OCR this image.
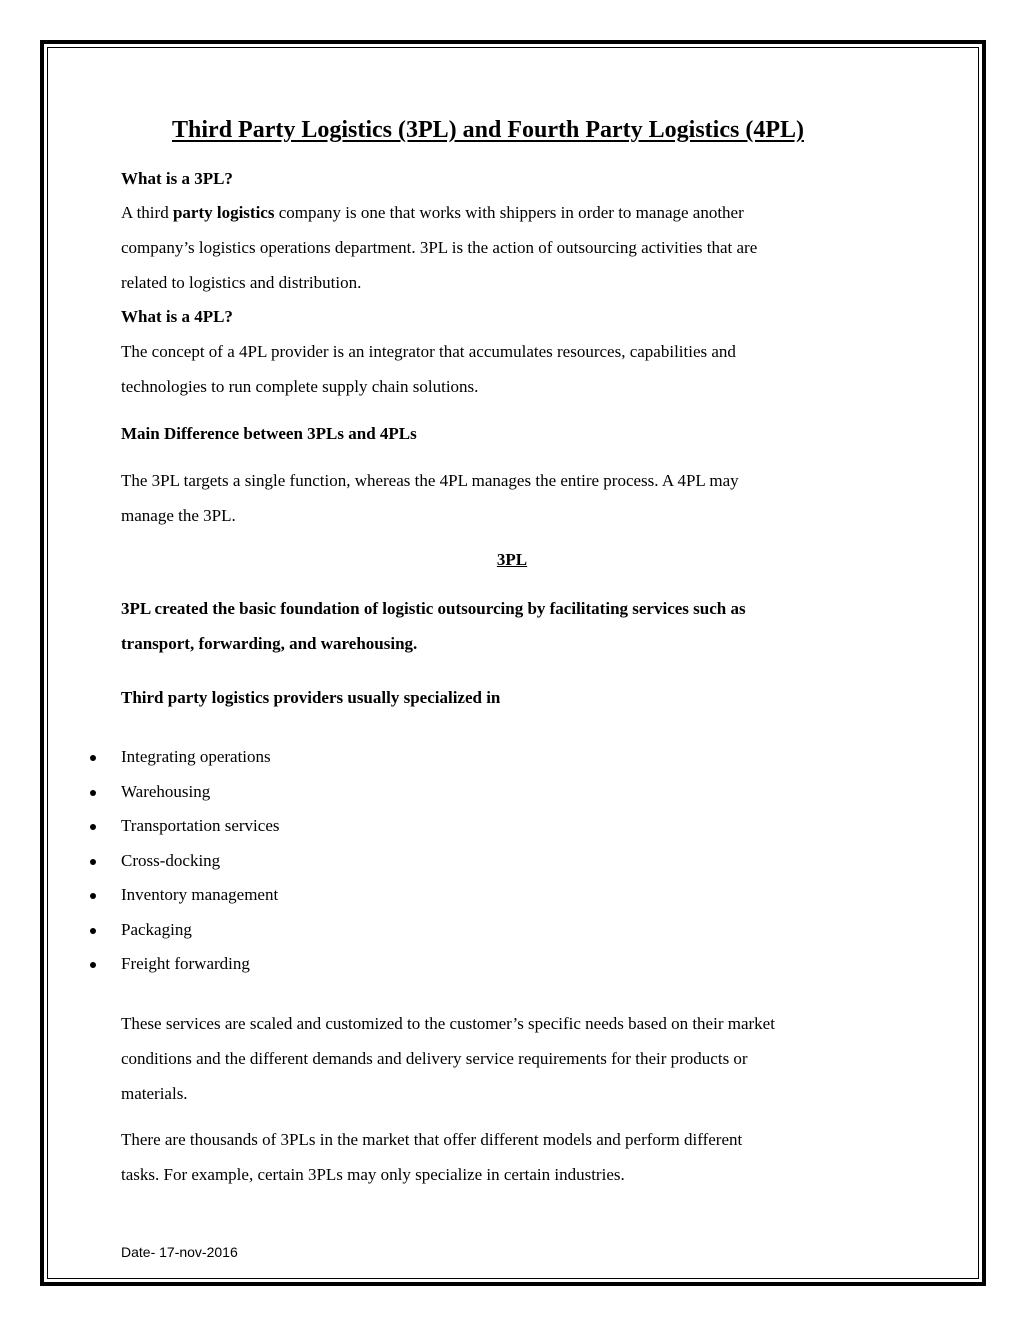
Third Party Logistics (3PL) and Fourth Party Logistics (4PL)
What is a 3PL?
A third party logistics company is one that works with shippers in order to manage another
company’s logistics operations department. 3PL is the action of outsourcing activities that are
related to logistics and distribution.
What is a 4PL?
The concept of a 4PL provider is an integrator that accumulates resources, capabilities and
technologies to run complete supply chain solutions.
Main Difference between 3PLs and 4PLs
The 3PL targets a single function, whereas the 4PL manages the entire process. A 4PL may
manage the 3PL.
3PL
3PL created the basic foundation of logistic outsourcing by facilitating services such as
transport, forwarding, and warehousing.
Third party logistics providers usually specialized in
Integrating operations
Warehousing
Transportation services
Cross-docking
Inventory management
Packaging
Freight forwarding
These services are scaled and customized to the customer’s specific needs based on their market
conditions and the different demands and delivery service requirements for their products or
materials.
There are thousands of 3PLs in the market that offer different models and perform different
tasks. For example, certain 3PLs may only specialize in certain industries.
Date- 17-nov-2016
